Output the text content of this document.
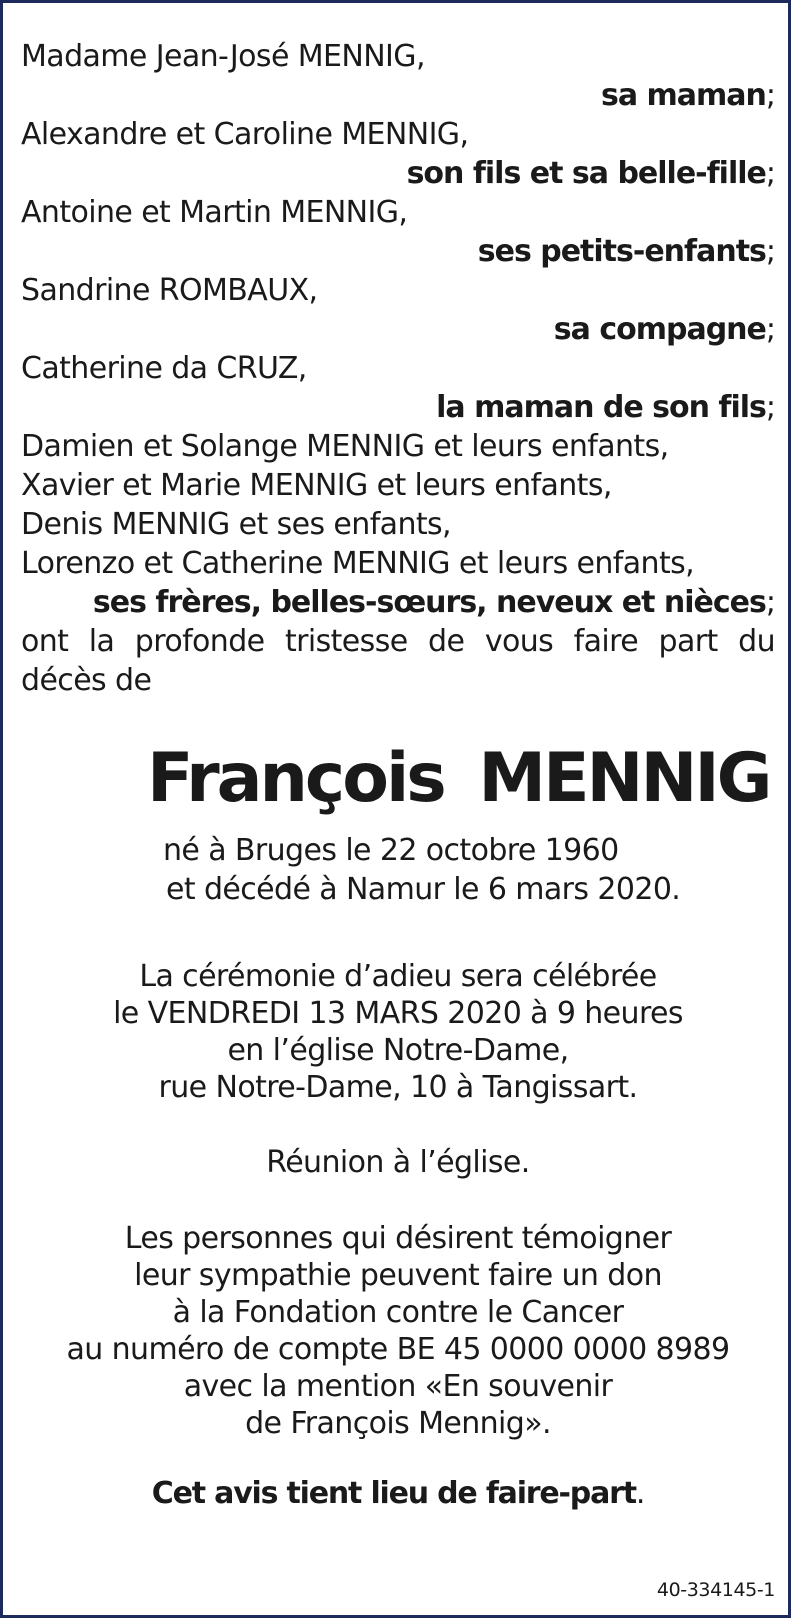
Madame Jean-José MENNIG,
sa maman;
Alexandre et Caroline MENNIG,
son fils et sa belle-fille;
Antoine et Martin MENNIG,
ses petits-enfants;
Sandrine ROMBAUX,
sa compagne;
Catherine da CRUZ,
la maman de son fils;
Damien et Solange MENNIG et leurs enfants,
Xavier et Marie MENNIG et leurs enfants,
Denis MENNIG et ses enfants,
Lorenzo et Catherine MENNIG et leurs enfants,
ses frères, belles-sœurs, neveux et nièces;
ont la profonde tristesse de vous faire part du décès de
François MENNIG
né à Bruges le 22 octobre 1960
et décédé à Namur le 6 mars 2020.
La cérémonie d’adieu sera célébrée
le VENDREDI 13 MARS 2020 à 9 heures
en l’église Notre-Dame,
rue Notre-Dame, 10 à Tangissart.
Réunion à l’église.
Les personnes qui désirent témoigner
leur sympathie peuvent faire un don
à la Fondation contre le Cancer
au numéro de compte BE 45 0000 0000 8989
avec la mention «En souvenir
de François Mennig».
Cet avis tient lieu de faire-part.
40-334145-1
